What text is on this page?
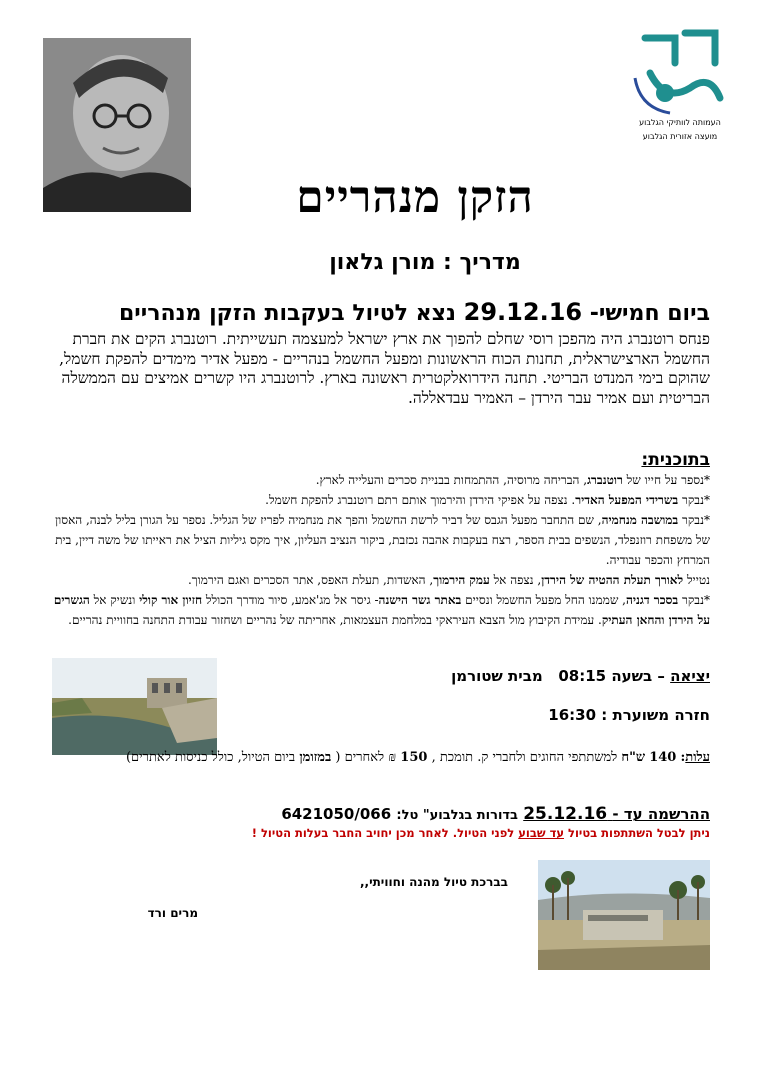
העמותה לוותיקי הגלבוע
מועצה אזורית הגלבוע
הזקן מנהריים
מדריך : מורן גלאון
ביום חמישי- 29.12.16 נצא לטיול בעקבות הזקן מנהריים
פנחס רוטנברג היה מהפכן רוסי שחלם להפוך את ארץ ישראל למעצמה תעשייתית. רוטנברג הקים את חברת החשמל הארצישראלית, תחנות הכוח הראשונות ומפעל החשמל בנהריים - מפעל אדיר מימדים להפקת חשמל, שהוקם בימי המנדט הבריטי. תחנה הידרואלקטרית ראשונה בארץ. לרוטנברג היו קשרים אמיצים עם הממשלה הבריטית ועם אמיר עבר הירדן – האמיר עבדאללה.
בתוכנית:

*נספר על חייו של רוטנברג, הבריחה מרוסיה, ההתמחות בבניית סכרים והעלייה לארץ.

*נבקר בשרידי המפעל האדיר. נצפה על אפיקי הירדן והירמוך אותם רתם רוטנברג להפקת חשמל.

*נבקר במושבה מנחמיה, שם התחבר מפעל הגבס של דביר לרשת החשמל והפך את מנחמיה לפריז של הגליל. נספר על הגורן בליל לבנה, האסון של משפחת רוזנפלד, הנשפים בבית הספר, רצח בעקבות אהבה נכזבת, ביקור הנציב העליון, איך מקס גיליות הציל את ראייתו של משה דיין, בית המרחץ והכפר עבודיה.

נטייל לאורך תעלת ההטיה של הירדן, נצפה אל עמק הירמוך, האשדות, תעלת האפס, אתר הסכרים ואגם הירמוך.

*נבקר בסכר דגניה, שממנו החל מפעל החשמל ונסיים באתר גשר הישנה- גיסר אל מג'אמע, סיור מודרך הכולל חזיון אור קולי ונשיק אל הגשרים על הירדן והחאן העתיק. עמידת הקיבוץ מול הצבא העיראקי במלחמת העצמאות, אחריתה של נהריים ושחזור עבודת התחנה בחוויית נהריים.

יציאה – בשעה 08:15   מבית שטורמן
חזרה משוערת : 16:30
עלות: 140 ש"ח למשתתפי החוגים ולחברי ק. תומכת , 150 ₪ לאחרים ( במזומן ביום הטיול, כולל כניסות לאתרים)
ההרשמה עד - 25.12.16 בדורות בגלבוע" טל: 6421050/066
ניתן לבטל השתתפות בטיול עד שבוע לפני הטיול. לאחר מכן יחויב החבר בעלות הטיול !
בברכת טיול מהנה וחוויתי,,
מרים ורד
